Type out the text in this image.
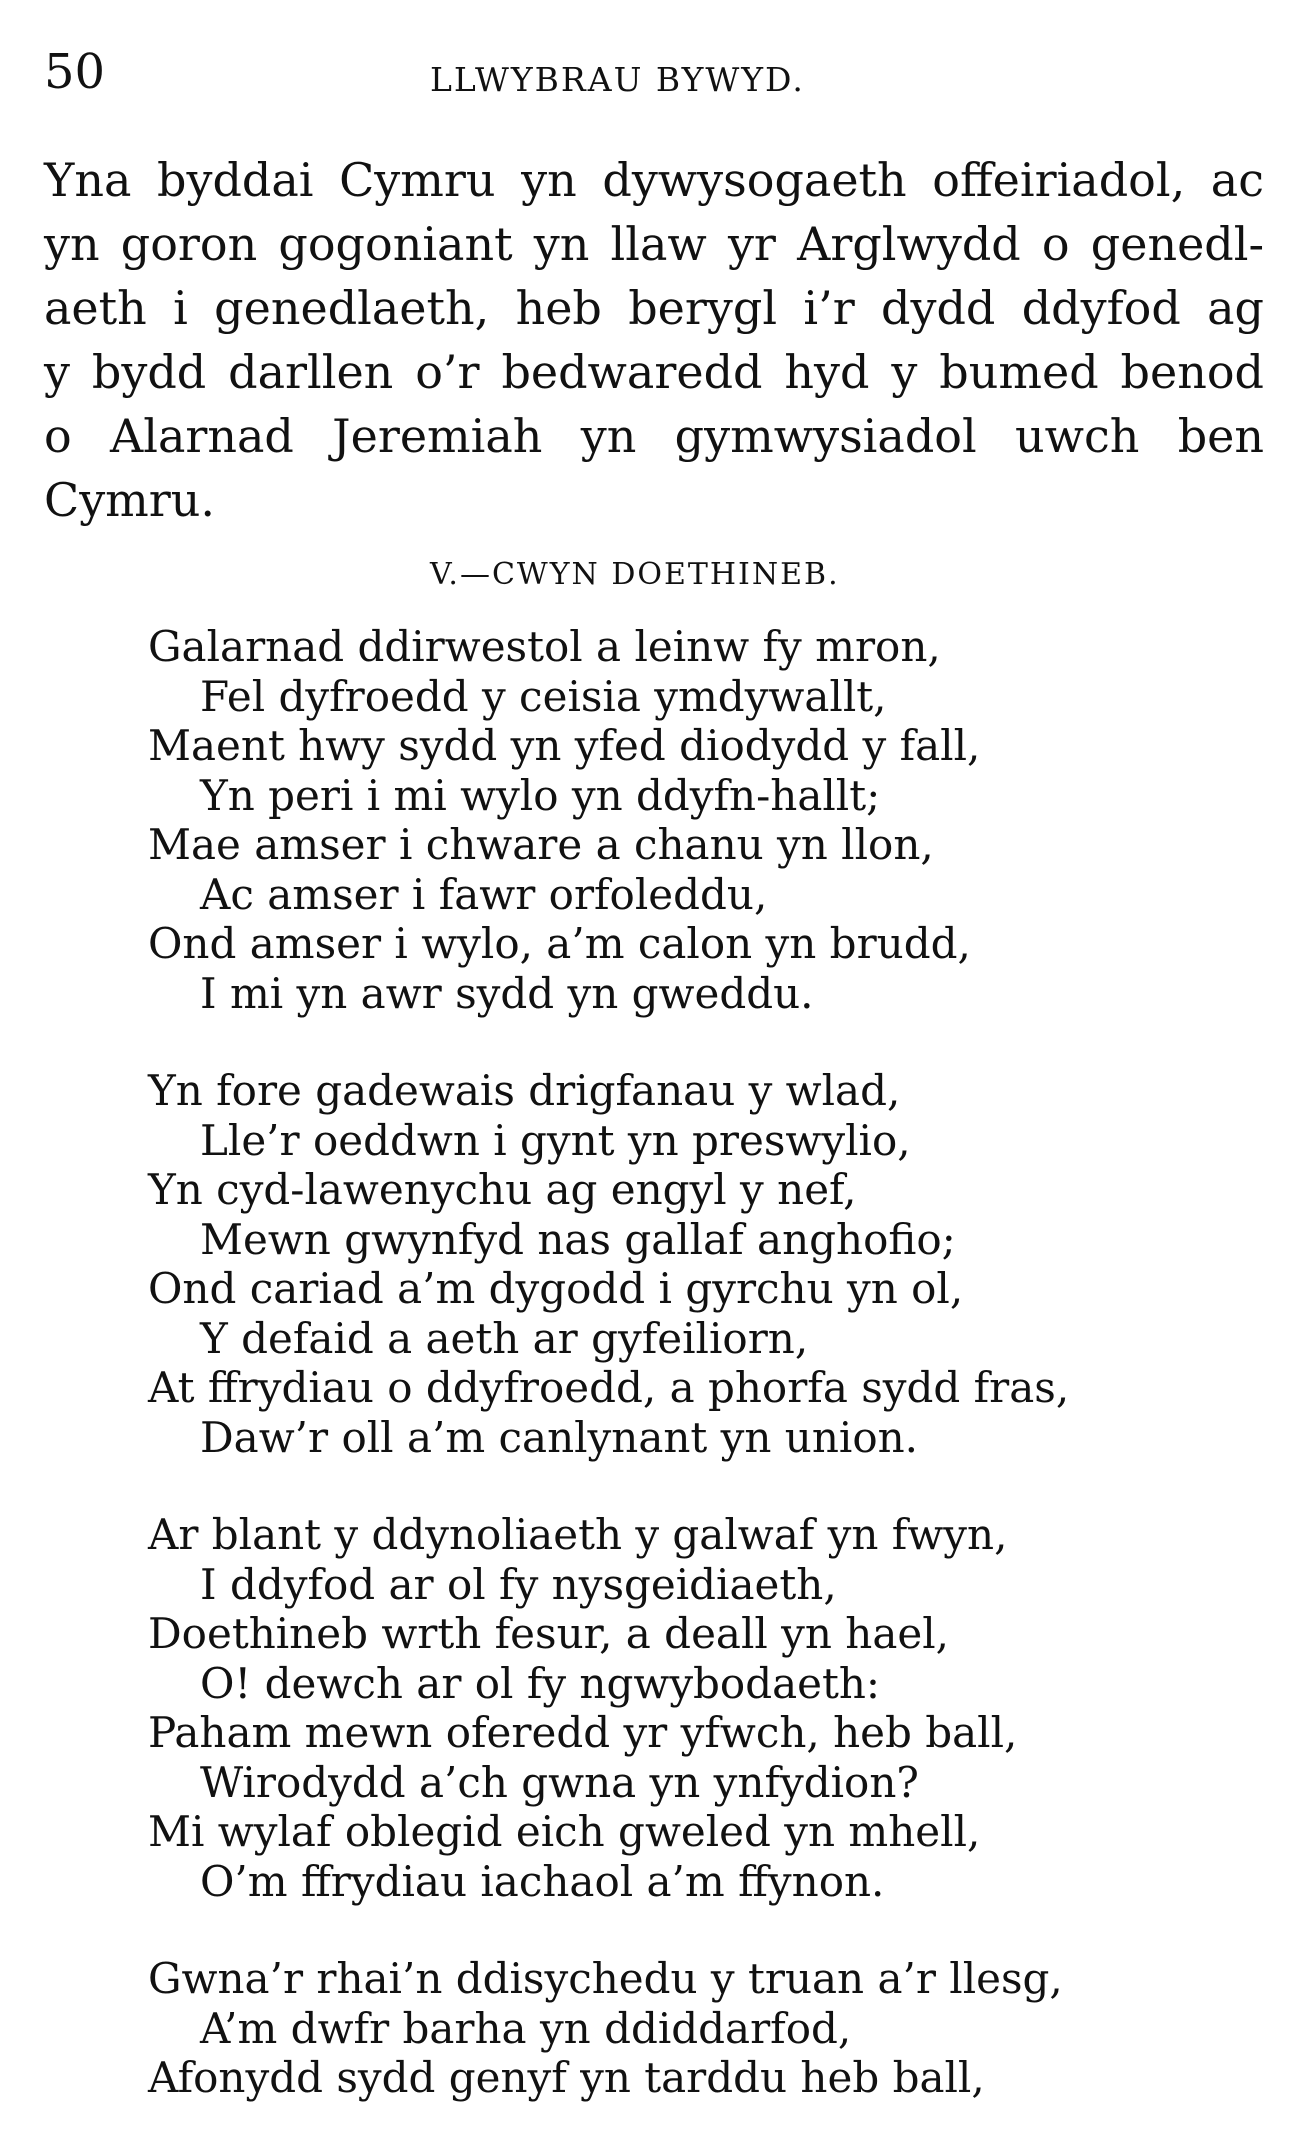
50	LLWYBRAU BYWYD.
Yna byddai Cymru yn dywysogaeth offeiriadol, ac
yn goron gogoniant yn llaw yr Arglwydd o genedl-
aeth i genedlaeth, heb berygl i’r dydd ddyfod ag
y bydd darllen o’r bedwaredd hyd y bumed benod
o Alarnad Jeremiah yn gymwysiadol uwch ben
Cymru.
V.—CWYN DOETHINEB.
Galarnad ddirwestol a leinw fy mron,
Fel dyfroedd y ceisia ymdywallt,
Maent hwy sydd yn yfed diodydd y fall,
Yn peri i mi wylo yn ddyfn-hallt;
Mae amser i chware a chanu yn llon,
Ac amser i fawr orfoleddu,
Ond amser i wylo, a’m calon yn brudd,
I mi yn awr sydd yn gweddu.
Yn fore gadewais drigfanau y wlad,
Lle’r oeddwn i gynt yn preswylio,
Yn cyd-lawenychu ag engyl y nef,
Mewn gwynfyd nas gallaf anghofio;
Ond cariad a’m dygodd i gyrchu yn ol,
Y defaid a aeth ar gyfeiliorn,
At ffrydiau o ddyfroedd, a phorfa sydd fras,
Daw’r oll a’m canlynant yn union.
Ar blant y ddynoliaeth y galwaf yn fwyn,
I ddyfod ar ol fy nysgeidiaeth,
Doethineb wrth fesur, a deall yn hael,
O! dewch ar ol fy ngwybodaeth:
Paham mewn oferedd yr yfwch, heb ball,
Wirodydd a’ch gwna yn ynfydion?
Mi wylaf oblegid eich gweled yn mhell,
O’m ffrydiau iachaol a’m ffynon.
Gwna’r rhai’n ddisychedu y truan a’r llesg,
A’m dwfr barha yn ddiddarfod,
Afonydd sydd genyf yn tarddu heb ball,
